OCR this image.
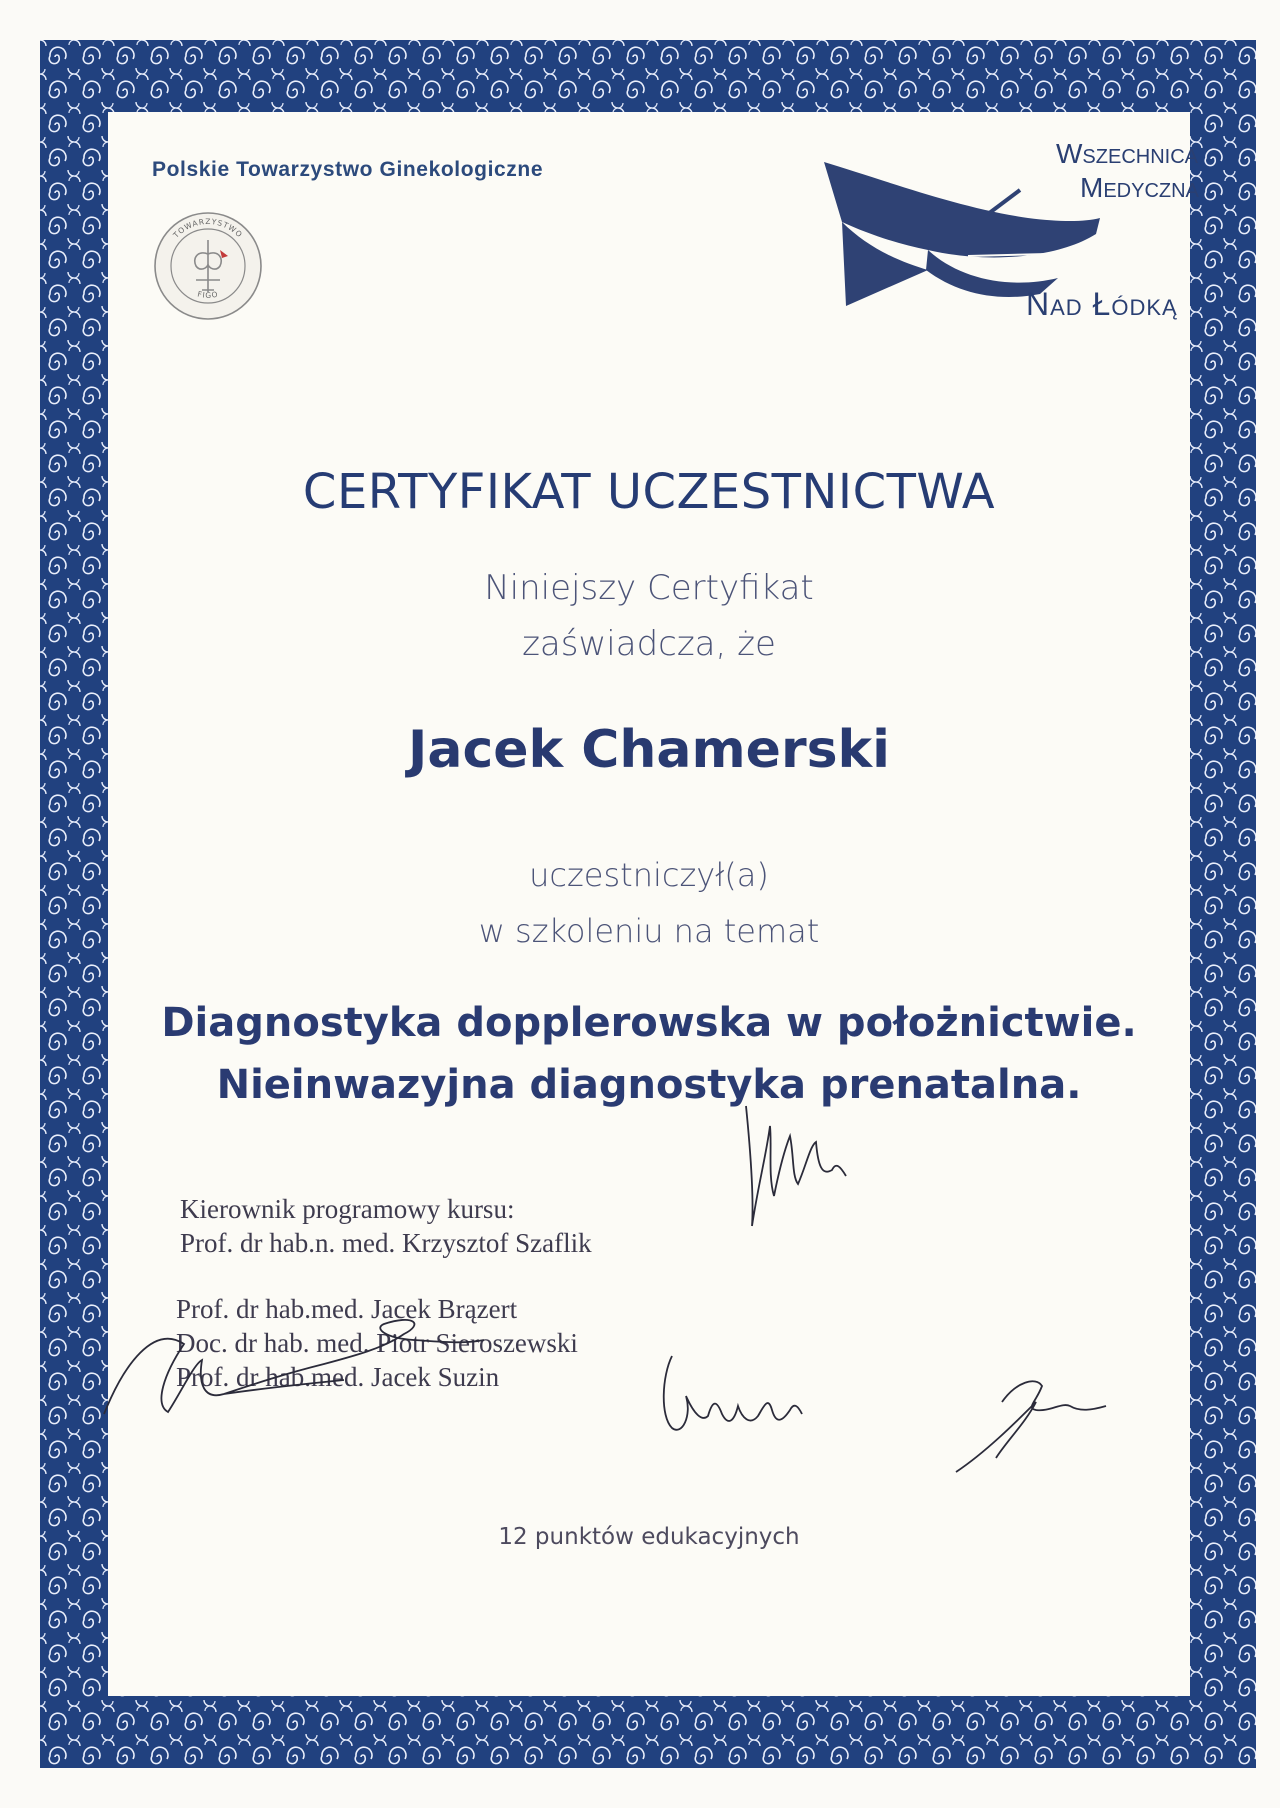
Polskie Towarzystwo Ginekologiczne
TOWARZYSTWO
FIGO
Wszechnica
Medyczna
Nad Łódką
CERTYFIKAT UCZESTNICTWA
Niniejszy Certyfikat
zaświadcza, że
Jacek Chamerski
uczestniczył(a)
w szkoleniu na temat
Diagnostyka dopplerowska w położnictwie.
Nieinwazyjna diagnostyka prenatalna.
Kierownik programowy kursu:
Prof. dr hab.n. med. Krzysztof Szaflik
Prof. dr hab.med. Jacek Brązert
Doc. dr hab. med. Piotr Sieroszewski
Prof. dr hab.med. Jacek Suzin
12 punktów edukacyjnych
